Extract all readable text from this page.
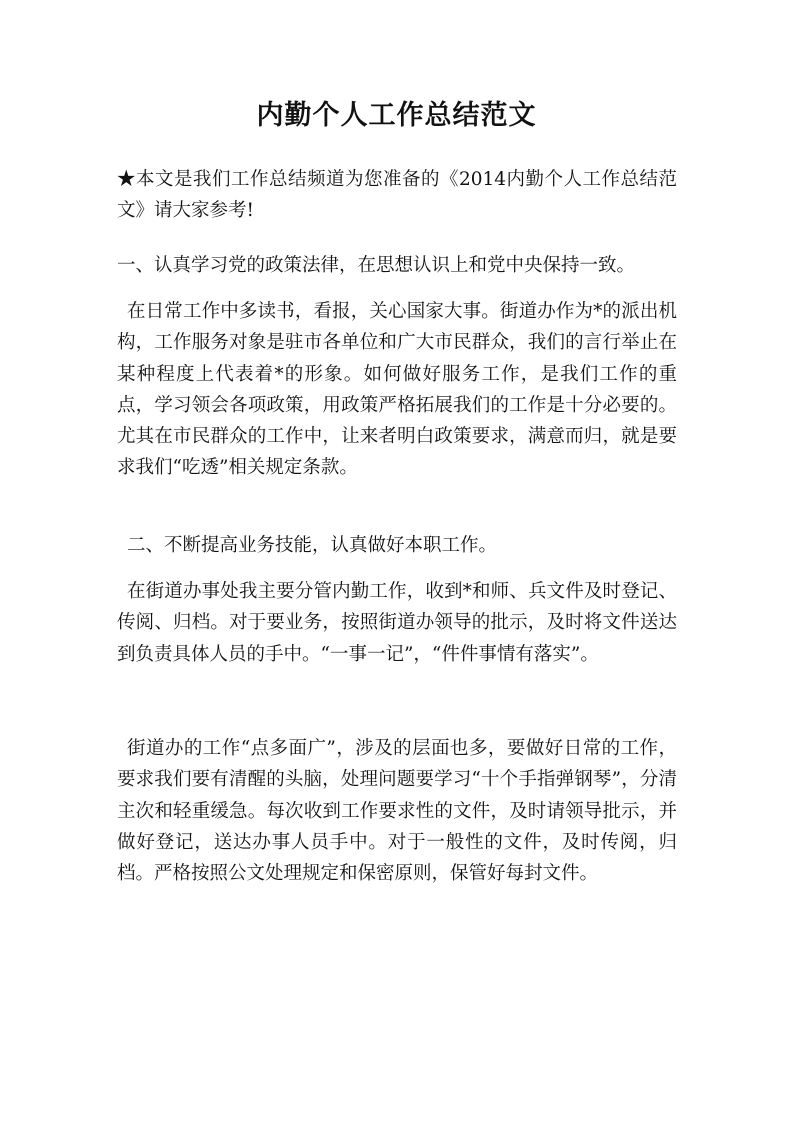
内勤个人工作总结范文
★本文是我们工作总结频道为您准备的《2014内勤个人工作总结范文》请大家参考!
一、认真学习党的政策法律，在思想认识上和党中央保持一致。
在日常工作中多读书，看报，关心国家大事。街道办作为*的派出机构，工作服务对象是驻市各单位和广大市民群众，我们的言行举止在某种程度上代表着*的形象。如何做好服务工作，是我们工作的重点，学习领会各项政策，用政策严格拓展我们的工作是十分必要的。尤其在市民群众的工作中，让来者明白政策要求，满意而归，就是要求我们“吃透”相关规定条款。
二、不断提高业务技能，认真做好本职工作。
在街道办事处我主要分管内勤工作，收到*和师、兵文件及时登记、传阅、归档。对于要业务，按照街道办领导的批示，及时将文件送达到负责具体人员的手中。“一事一记”，“件件事情有落实”。
街道办的工作“点多面广”，涉及的层面也多，要做好日常的工作，要求我们要有清醒的头脑，处理问题要学习“十个手指弹钢琴”，分清主次和轻重缓急。每次收到工作要求性的文件，及时请领导批示，并做好登记，送达办事人员手中。对于一般性的文件，及时传阅，归档。严格按照公文处理规定和保密原则，保管好每封文件。
